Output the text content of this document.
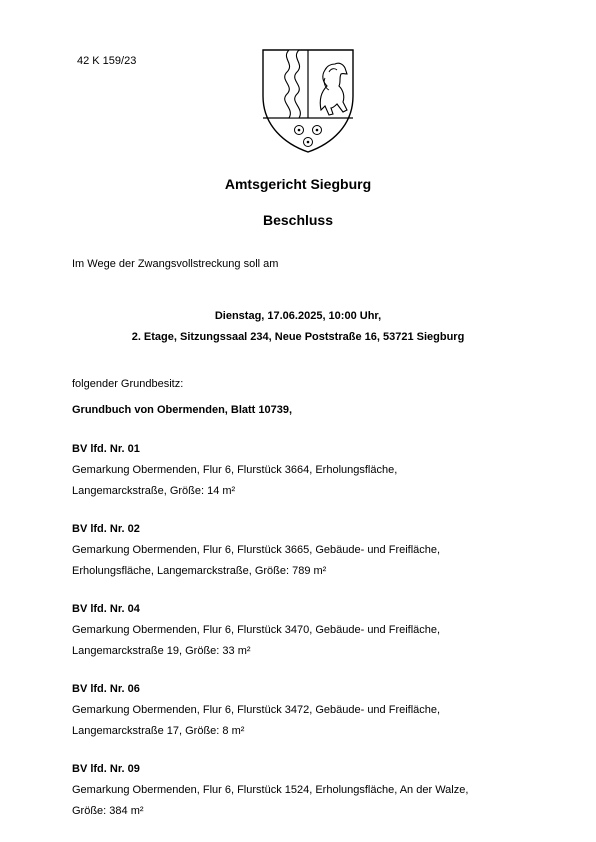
42 K 159/23
Amtsgericht Siegburg
Beschluss
Im Wege der Zwangsvollstreckung soll am
Dienstag, 17.06.2025, 10:00 Uhr,
2. Etage, Sitzungssaal 234, Neue Poststraße 16, 53721 Siegburg
folgender Grundbesitz:
Grundbuch von Obermenden, Blatt 10739,
BV lfd. Nr. 01
Gemarkung Obermenden, Flur 6, Flurstück 3664, Erholungsfläche,
Langemarckstraße, Größe: 14 m²
BV lfd. Nr. 02
Gemarkung Obermenden, Flur 6, Flurstück 3665, Gebäude- und Freifläche,
Erholungsfläche, Langemarckstraße, Größe: 789 m²
BV lfd. Nr. 04
Gemarkung Obermenden, Flur 6, Flurstück 3470, Gebäude- und Freifläche,
Langemarckstraße 19, Größe: 33 m²
BV lfd. Nr. 06
Gemarkung Obermenden, Flur 6, Flurstück 3472, Gebäude- und Freifläche,
Langemarckstraße 17, Größe: 8 m²
BV lfd. Nr. 09
Gemarkung Obermenden, Flur 6, Flurstück 1524, Erholungsfläche, An der Walze,
Größe: 384 m²
